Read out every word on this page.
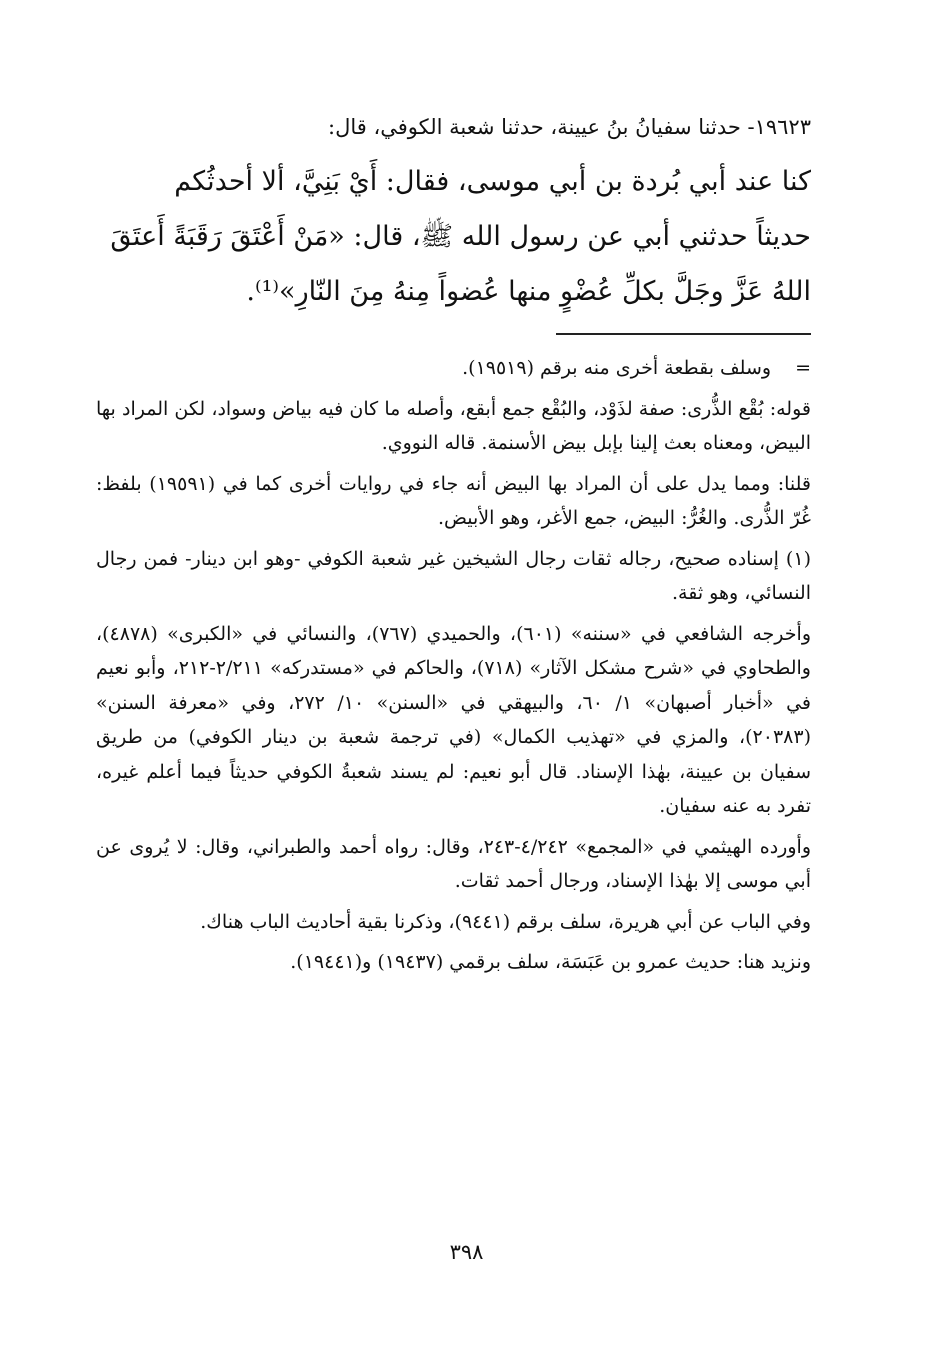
١٩٦٢٣- حدثنا سفيانُ بنُ عيينة، حدثنا شعبة الكوفي، قال:

كنا عند أبي بُردة بن أبي موسى، فقال: أَيْ بَنِيَّ، ألا أحدثُكم

حديثاً حدثني أبي عن رسول الله ﷺ، قال: «مَنْ أَعْتَقَ رَقَبَةً أَعتَقَ

اللهُ عَزَّ وجَلَّ بكلِّ عُضْوٍ منها عُضواً مِنهُ مِنَ النّارِ»⁽¹⁾.

=وسلف بقطعة أخرى منه برقم (١٩٥١٩).

قوله: بُقْع الذُّرى: صفة لذَوْد، والبُقْع جمع أبقع، وأصله ما كان فيه بياض وسواد، لكن المراد بها البيض، ومعناه بعث إلينا بإبل بيض الأسنمة. قاله النووي.

قلنا: ومما يدل على أن المراد بها البيض أنه جاء في روايات أخرى كما في (١٩٥٩١) بلفظ: غُرّ الذُّرى. والغُرُّ: البيض، جمع الأغر، وهو الأبيض.

(١) إسناده صحيح، رجاله ثقات رجال الشيخين غير شعبة الكوفي -وهو ابن دينار- فمن رجال النسائي، وهو ثقة.

وأخرجه الشافعي في «سننه» (٦٠١)، والحميدي (٧٦٧)، والنسائي في «الكبرى» (٤٨٧٨)، والطحاوي في «شرح مشكل الآثار» (٧١٨)، والحاكم في «مستدركه» ٢/٢١١-٢١٢، وأبو نعيم في «أخبار أصبهان» ١/ ٦٠، والبيهقي في «السنن» ١٠/ ٢٧٢، وفي «معرفة السنن» (٢٠٣٨٣)، والمزي في «تهذيب الكمال» (في ترجمة شعبة بن دينار الكوفي) من طريق سفيان بن عيينة، بهٰذا الإسناد. قال أبو نعيم: لم يسند شعبةُ الكوفي حديثاً فيما أعلم غيره، تفرد به عنه سفيان.

وأورده الهيثمي في «المجمع» ٤/٢٤٢-٢٤٣، وقال: رواه أحمد والطبراني، وقال: لا يُروى عن أبي موسى إلا بهٰذا الإسناد، ورجال أحمد ثقات.

وفي الباب عن أبي هريرة، سلف برقم (٩٤٤١)، وذكرنا بقية أحاديث الباب هناك.

ونزيد هنا: حديث عمرو بن عَبَسَة، سلف برقمي (١٩٤٣٧) و(١٩٤٤١).

٣٩٨
